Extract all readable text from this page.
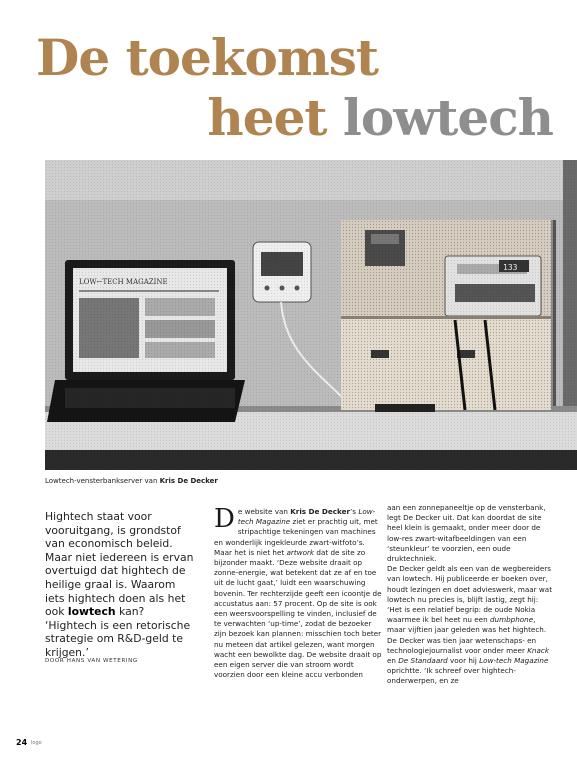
De toekomst
heet lowtech
Lowtech-vensterbankserver van Kris De Decker
Hightech staat voor vooruitgang, is grondstof van economisch beleid. Maar niet iedereen is ervan overtuigd dat hightech de heilige graal is. Waarom iets hightech doen als het ook lowtech kan? ‘Hightech is een retorische strategie om R&D-geld te krijgen.’
DOOR HANS VAN WETERING

De website van Kris De Decker’s Low-tech Magazine ziet er prachtig uit, met stripachtige tekeningen van machines en wonderlijk ingekleurde zwart-witfoto’s. Maar het is niet het artwork dat de site zo bijzonder maakt. ‘Deze website draait op zonne-energie, wat betekent dat ze af en toe uit de lucht gaat,’ luidt een waarschuwing bovenin. Ter rechterzijde geeft een icoontje de accustatus aan: 57 procent. Op de site is ook een weersvoorspelling te vinden, inclusief de te verwachten ‘up-time’, zodat de bezoeker zijn bezoek kan plannen: misschien toch beter nu meteen dat artikel gelezen, want morgen wacht een bewolkte dag. De website draait op een eigen server die van stroom wordt voorzien door een kleine accu verbonden

aan een zonnepaneeltje op de vensterbank, legt De Decker uit. Dat kan doordat de site heel klein is gemaakt, onder meer door de low-res zwart-witafbeeldingen van een ‘steunkleur’ te voorzien, een oude druktechniek.

De Decker geldt als een van de wegbereiders van lowtech. Hij publiceerde er boeken over, houdt lezingen en doet advieswerk, maar wat lowtech nu precies is, blijft lastig, zegt hij: ‘Het is een relatief begrip: de oude Nokia waarmee ik bel heet nu een dumbphone, maar vijftien jaar geleden was het hightech. De Decker was tien jaar wetenschaps- en technologiejournalist voor onder meer Knack en De Standaard voor hij Low-tech Magazine oprichtte. ‘Ik schreef over hightech-onderwerpen, en ze

24 logo
